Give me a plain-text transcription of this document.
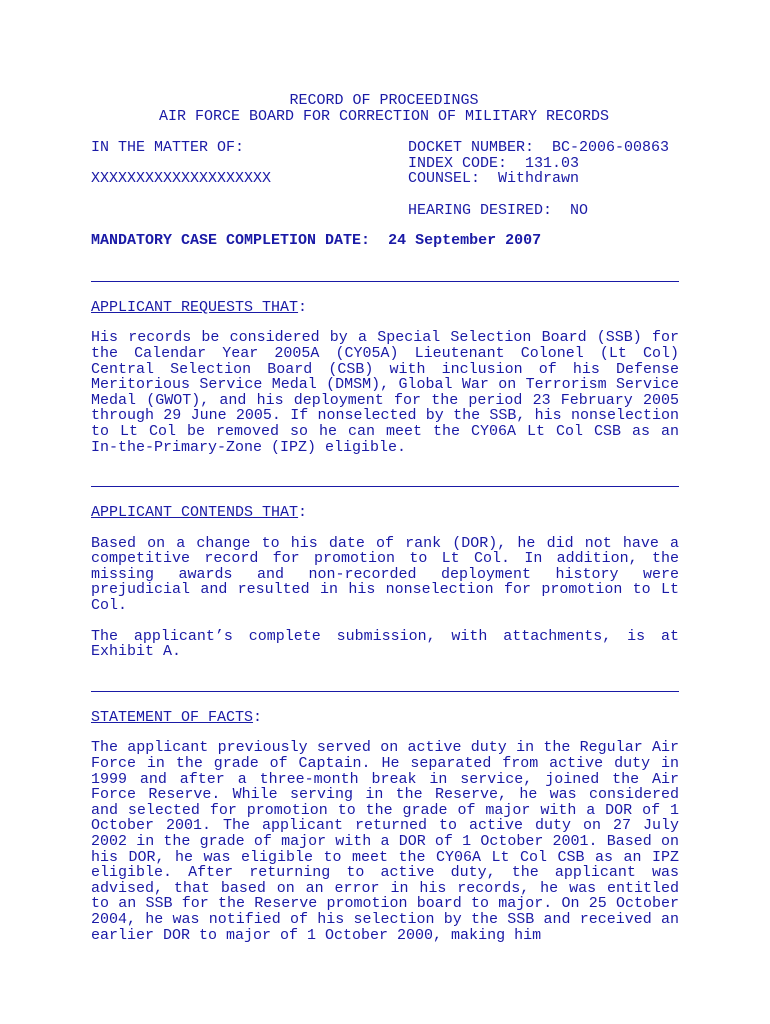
RECORD OF PROCEEDINGS
AIR FORCE BOARD FOR CORRECTION OF MILITARY RECORDS
IN THE MATTER OF:

XXXXXXXXXXXXXXXXXXXX
DOCKET NUMBER:  BC-2006-00863
INDEX CODE:  131.03
COUNSEL:  Withdrawn

HEARING DESIRED:  NO
MANDATORY CASE COMPLETION DATE: 24 September 2007
APPLICANT REQUESTS THAT:
His records be considered by a Special Selection Board (SSB) for the Calendar Year 2005A (CY05A) Lieutenant Colonel (Lt Col) Central Selection Board (CSB) with inclusion of his Defense Meritorious Service Medal (DMSM), Global War on Terrorism Service Medal (GWOT), and his deployment for the period 23 February 2005 through 29 June 2005. If nonselected by the SSB, his nonselection to Lt Col be removed so he can meet the CY06A Lt Col CSB as an In-the-Primary-Zone (IPZ) eligible.
APPLICANT CONTENDS THAT:
Based on a change to his date of rank (DOR), he did not have a competitive record for promotion to Lt Col. In addition, the missing awards and non-recorded deployment history were prejudicial and resulted in his nonselection for promotion to Lt Col.
The applicant’s complete submission, with attachments, is at Exhibit A.
STATEMENT OF FACTS:
The applicant previously served on active duty in the Regular Air Force in the grade of Captain. He separated from active duty in 1999 and after a three-month break in service, joined the Air Force Reserve. While serving in the Reserve, he was considered and selected for promotion to the grade of major with a DOR of 1 October 2001. The applicant returned to active duty on 27 July 2002 in the grade of major with a DOR of 1 October 2001. Based on his DOR, he was eligible to meet the CY06A Lt Col CSB as an IPZ eligible. After returning to active duty, the applicant was advised, that based on an error in his records, he was entitled to an SSB for the Reserve promotion board to major. On 25 October 2004, he was notified of his selection by the SSB and received an earlier DOR to major of 1 October 2000, making him
